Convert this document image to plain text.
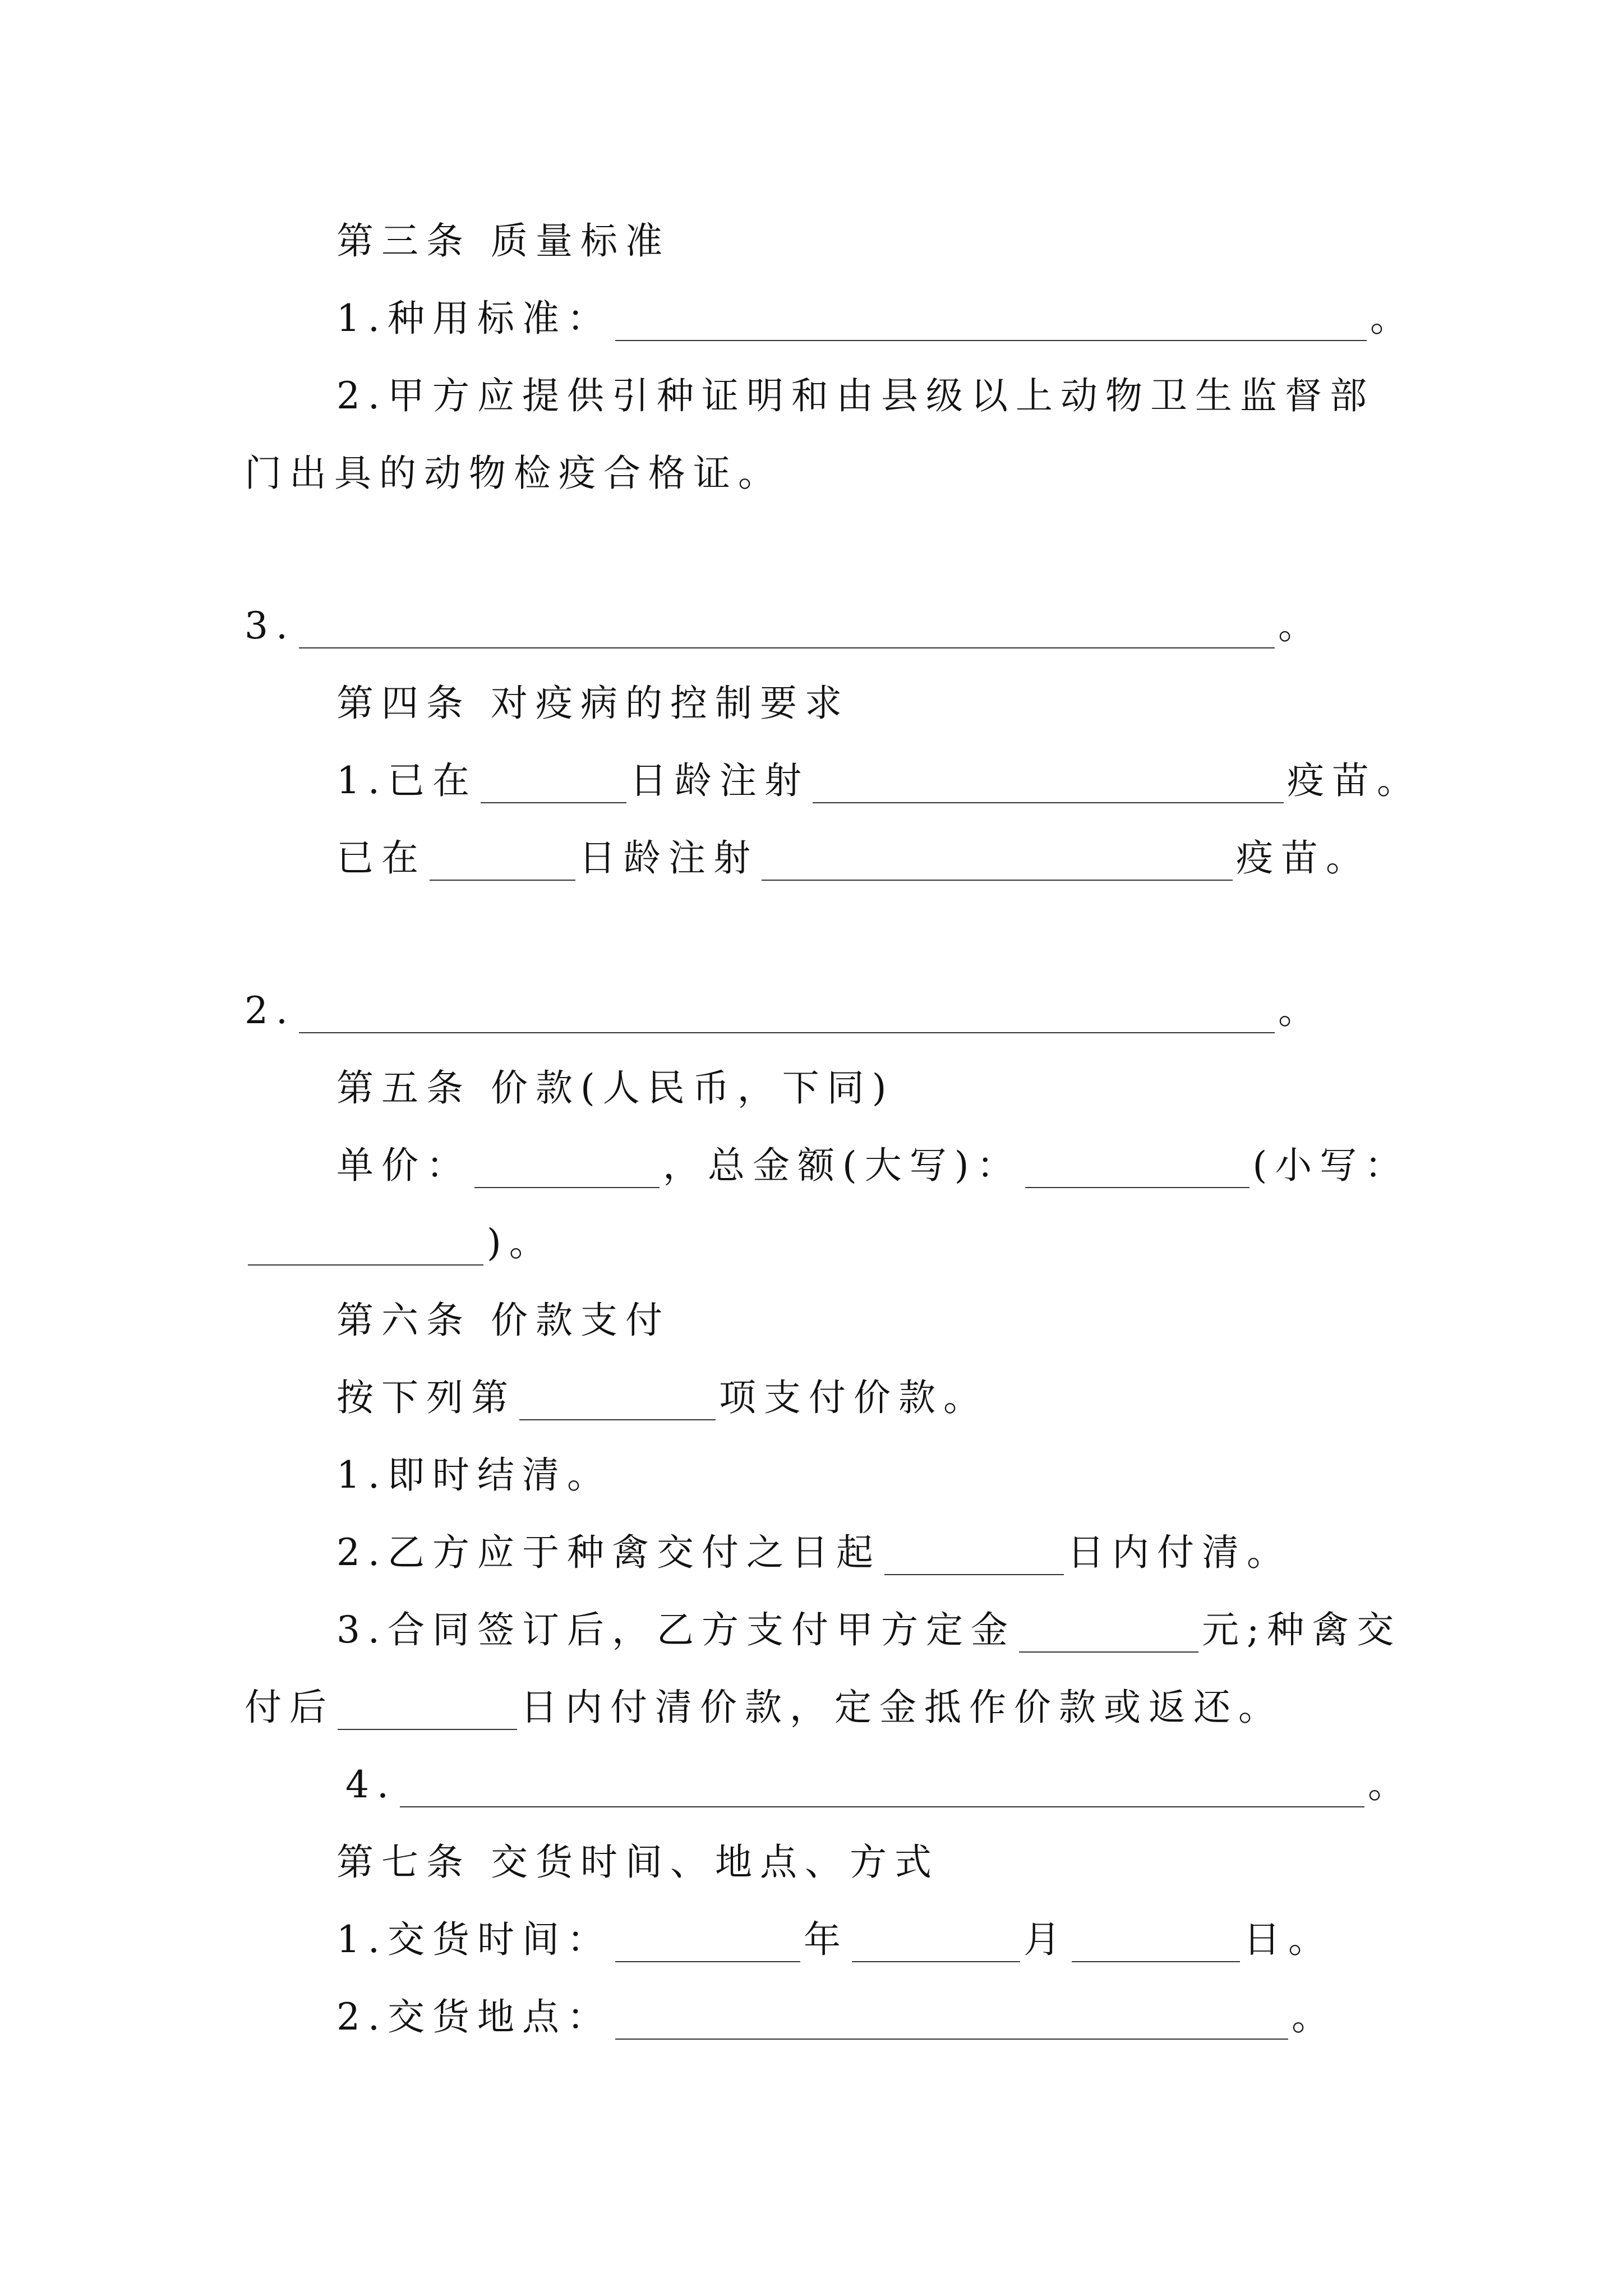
第三条 质量标准
1.种用标准：	。
2.甲方应提供引种证明和由县级以上动物卫生监督部
门出具的动物检疫合格证。
3.	。
第四条 对疫病的控制要求
1.已在	日龄注射	疫苗。
已在	日龄注射	疫苗。
2.	。
第五条 价款(人民币，下同)
单价：	，总金额(大写)：	(小写：
)。
第六条 价款支付
按下列第	项支付价款。
1.即时结清。
2.乙方应于种禽交付之日起	日内付清。
3.合同签订后，乙方支付甲方定金	元;种禽交
付后	日内付清价款，定金抵作价款或返还。
4.	。
第七条 交货时间、地点、方式
1.交货时间：	年	月	日。
2.交货地点：	。
